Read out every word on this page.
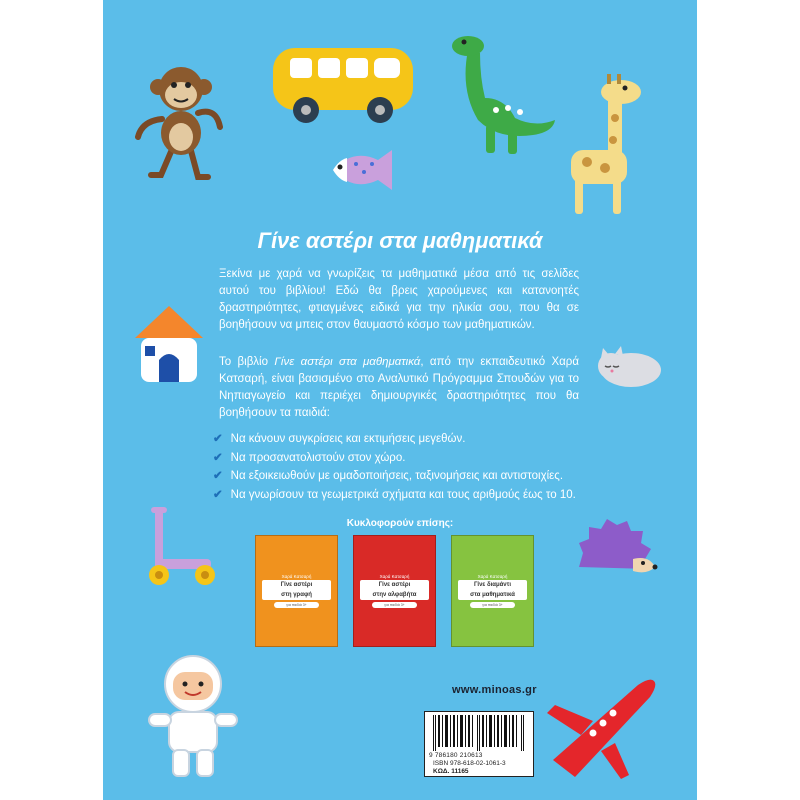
Γίνε αστέρι στα μαθηματικά
Ξεκίνα με χαρά να γνωρίζεις τα μαθηματικά μέσα από τις σελίδες αυτού του βιβλίου! Εδώ θα βρεις χαρούμενες και κατανοητές δραστηριότητες, φτιαγμένες ειδικά για την ηλικία σου, που θα σε βοηθήσουν να μπεις στον θαυμαστό κόσμο των μαθηματικών.
Το βιβλίο Γίνε αστέρι στα μαθηματικά, από την εκπαιδευτικό Χαρά Κατσαρή, είναι βασισμένο στο Αναλυτικό Πρόγραμμα Σπουδών για το Νηπιαγωγείο και περιέχει δημιουργικές δραστηριότητες που θα βοηθήσουν τα παιδιά:
✔ Να κάνουν συγκρίσεις και εκτιμήσεις μεγεθών.
✔ Να προσανατολιστούν στον χώρο.
✔ Να εξοικειωθούν με ομαδοποιήσεις, ταξινομήσεις και αντιστοιχίες.
✔ Να γνωρίσουν τα γεωμετρικά σχήματα και τους αριθμούς έως το 10.
Κυκλοφορούν επίσης:
Χαρά Κατσαρή
Γίνε αστέρι
στη γραφή
για παιδιά 3+
Χαρά Κατσαρή
Γίνε αστέρι
στην αλφαβήτα
για παιδιά 3+
Χαρά Κατσαρή
Γίνε διαμάντι
στα μαθηματικά
για παιδιά 3+
www.minoas.gr
9 786180 210613
ISBN 978-618-02-1061-3
ΚΩΔ. 11165
